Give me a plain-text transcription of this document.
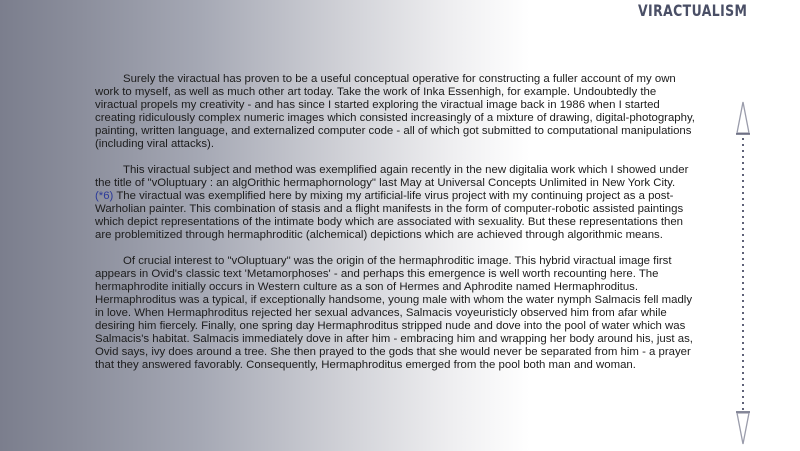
VIRACTUALISM

Surely the viractual has proven to be a useful conceptual operative for constructing a fuller account of my own work to myself, as well as much other art today. Take the work of Inka Essenhigh, for example. Undoubtedly the viractual propels my creativity - and has since I started exploring the viractual image back in 1986 when I started creating ridiculously complex numeric images which consisted increasingly of a mixture of drawing, digital-photography, painting, written language, and externalized computer code - all of which got submitted to computational manipulations (including viral attacks).

This viractual subject and method was exemplified again recently in the new digitalia work which I showed under the title of "vOluptuary : an algOrithic hermaphornology" last May at Universal Concepts Unlimited in New York City. (*6) The viractual was exemplified here by mixing my artificial-life virus project with my continuing project as a post-Warholian painter. This combination of stasis and a flight manifests in the form of computer-robotic assisted paintings which depict representations of the intimate body which are associated with sexuality. But these representations then are problemitized through hermaphroditic (alchemical) depictions which are achieved through algorithmic means.

Of crucial interest to "vOluptuary" was the origin of the hermaphroditic image. This hybrid viractual image first appears in Ovid's classic text 'Metamorphoses' - and perhaps this emergence is well worth recounting here. The hermaphrodite initially occurs in Western culture as a son of Hermes and Aphrodite named Hermaphroditus. Hermaphroditus was a typical, if exceptionally handsome, young male with whom the water nymph Salmacis fell madly in love. When Hermaphroditus rejected her sexual advances, Salmacis voyeuristicly observed him from afar while desiring him fiercely. Finally, one spring day Hermaphroditus stripped nude and dove into the pool of water which was Salmacis's habitat. Salmacis immediately dove in after him - embracing him and wrapping her body around his, just as, Ovid says, ivy does around a tree. She then prayed to the gods that she would never be separated from him - a prayer that they answered favorably. Consequently, Hermaphroditus emerged from the pool both man and woman.
